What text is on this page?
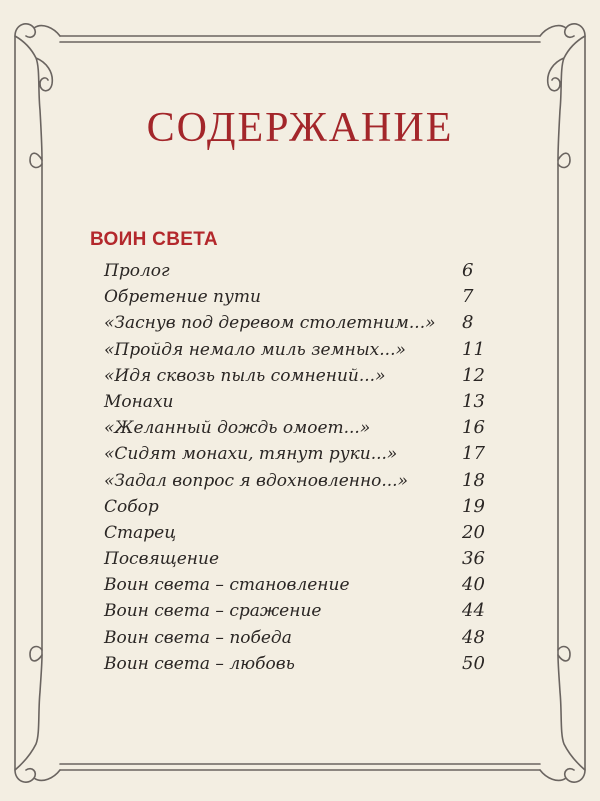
СОДЕРЖАНИЕ
ВОИН СВЕТА
Пролог	6
Обретение пути	7
«Заснув под деревом столетним...» 8
«Пройдя немало миль земных...»	11
«Идя сквозь пыль сомнений...»	12
Монахи	13
«Желанный дождь омоет...»	16
«Сидят монахи, тянут руки...»	17
«Задал вопрос я вдохновленно...»	18
Собор	19
Старец	20
Посвящение	36
Воин света – становление	40
Воин света – сражение	44
Воин света – победа	48
Воин света – любовь	50
